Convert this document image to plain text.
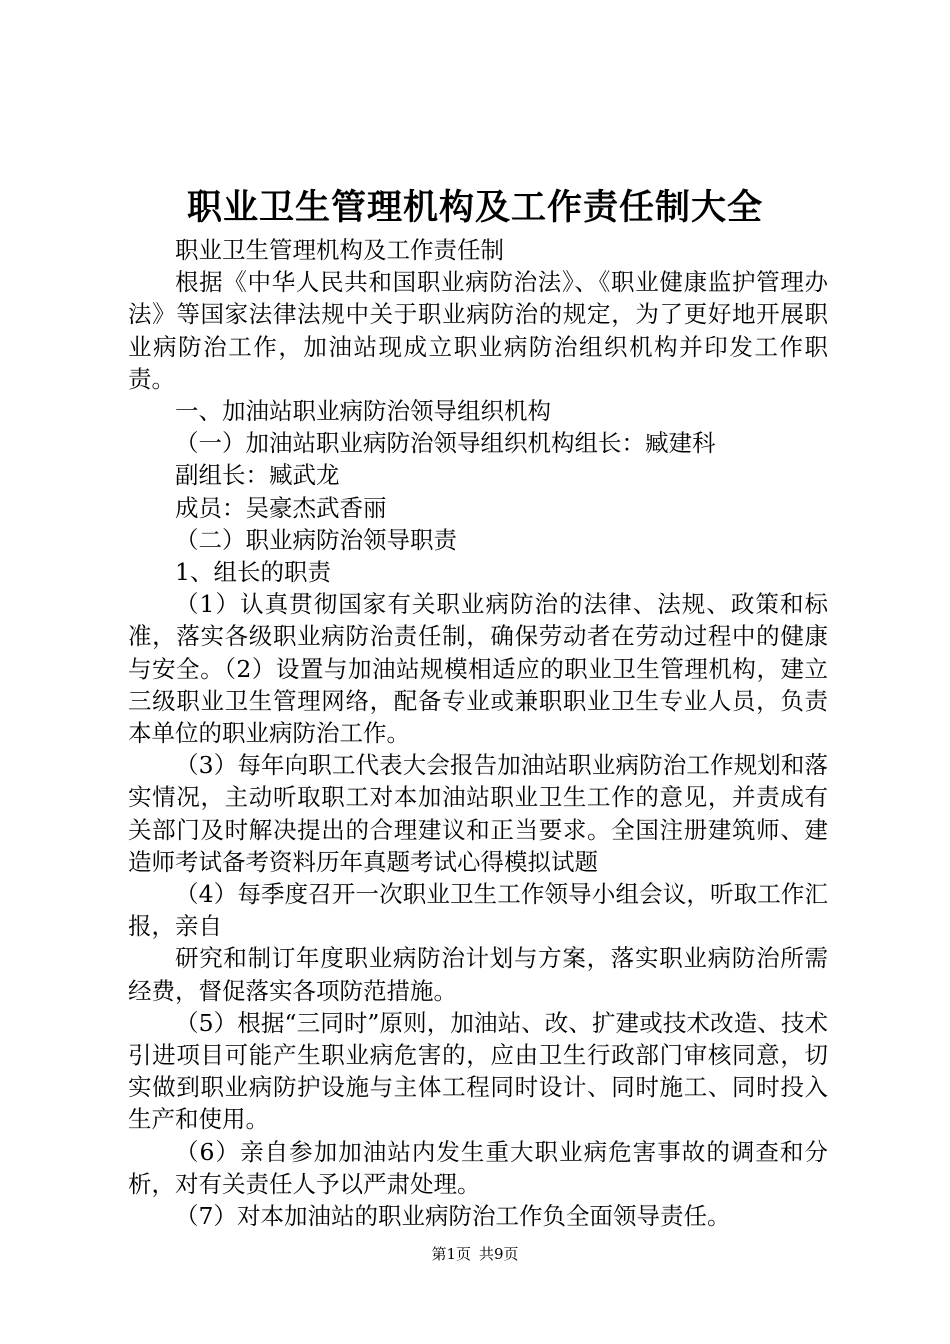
职业卫生管理机构及工作责任制大全

职业卫生管理机构及工作责任制

根据《中华人民共和国职业病防治法》、《职业健康监护管理办法》等国家法律法规中关于职业病防治的规定，为了更好地开展职业病防治工作，加油站现成立职业病防治组织机构并印发工作职责。

一、加油站职业病防治领导组织机构

（一）加油站职业病防治领导组织机构组长：臧建科

副组长：臧武龙

成员：吴豪杰武香丽

（二）职业病防治领导职责

1、组长的职责

（1）认真贯彻国家有关职业病防治的法律、法规、政策和标准，落实各级职业病防治责任制，确保劳动者在劳动过程中的健康与安全。（2）设置与加油站规模相适应的职业卫生管理机构，建立三级职业卫生管理网络，配备专业或兼职职业卫生专业人员，负责本单位的职业病防治工作。

（3）每年向职工代表大会报告加油站职业病防治工作规划和落实情况，主动听取职工对本加油站职业卫生工作的意见，并责成有关部门及时解决提出的合理建议和正当要求。全国注册建筑师、建造师考试备考资料历年真题考试心得模拟试题

（4）每季度召开一次职业卫生工作领导小组会议，听取工作汇报，亲自

研究和制订年度职业病防治计划与方案，落实职业病防治所需经费，督促落实各项防范措施。

（5）根据“三同时”原则，加油站、改、扩建或技术改造、技术引进项目可能产生职业病危害的，应由卫生行政部门审核同意，切实做到职业病防护设施与主体工程同时设计、同时施工、同时投入生产和使用。

（6）亲自参加加油站内发生重大职业病危害事故的调查和分析，对有关责任人予以严肃处理。

（7）对本加油站的职业病防治工作负全面领导责任。

第1页 共9页
